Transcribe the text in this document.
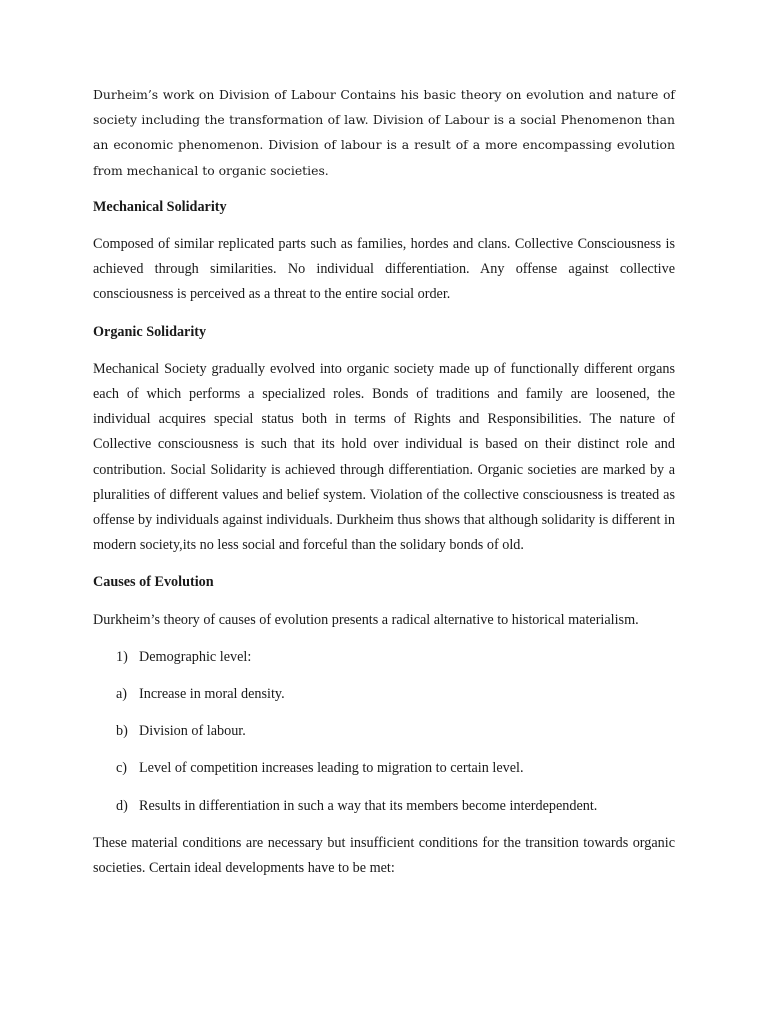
Durheim’s work on Division of Labour Contains his basic theory on evolution and nature of society including the transformation of law. Division of Labour is a social Phenomenon than an economic phenomenon. Division of labour is a result of a more encompassing evolution from mechanical to organic societies.

Mechanical Solidarity

Composed of similar replicated parts such as families, hordes and clans. Collective Consciousness is achieved through similarities. No individual differentiation. Any offense against collective consciousness is perceived as a threat to the entire social order.

Organic Solidarity

Mechanical Society gradually evolved into organic society made up of functionally different organs each of which performs a specialized roles. Bonds of traditions and family are loosened, the individual acquires special status both in terms of Rights and Responsibilities. The nature of Collective consciousness is such that its hold over individual is based on their distinct role and contribution. Social Solidarity is achieved through differentiation. Organic societies are marked by a pluralities of different values and belief system. Violation of the collective consciousness is treated as offense by individuals against individuals. Durkheim thus shows that although solidarity is different in modern society,its no less social and forceful than the solidary bonds of old.

Causes of Evolution

Durkheim’s theory of causes of evolution presents a radical alternative to historical materialism.

1) Demographic level:
a) Increase in moral density.
b) Division of labour.
c) Level of competition increases leading to migration to certain level.
d) Results in differentiation in such a way that its members become interdependent.

These material conditions are necessary but insufficient conditions for the transition towards organic societies. Certain ideal developments have to be met:
